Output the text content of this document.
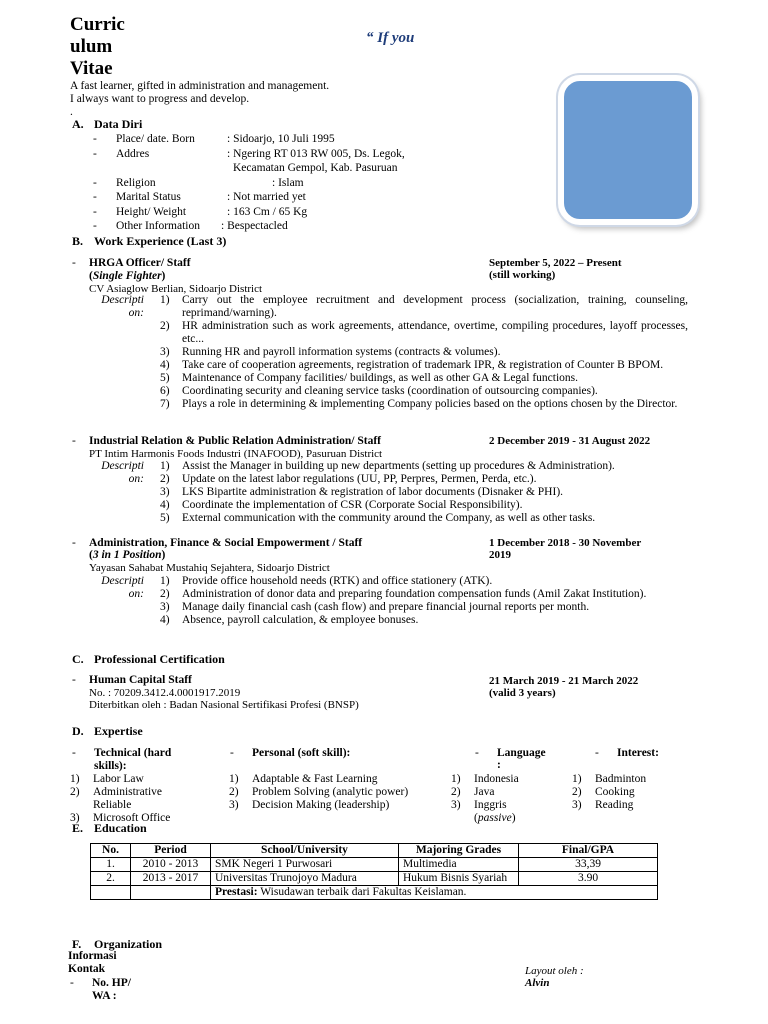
Curric
ulum
Vitae
“ If you
A fast learner, gifted in administration and management.
I always want to progress and develop.
.
A. Data Diri
- Place/ date. Born	: Sidoarjo, 10 Juli 1995
- Addres	: Ngering RT 013 RW 005, Ds. Legok,
Kecamatan Gempol, Kab. Pasuruan
- Religion	: Islam
- Marital Status	: Not married yet
- Height/ Weight	: 163 Cm / 65 Kg
- Other Information : Bespectacled
B. Work Experience (Last 3)
- HRGA Officer/ Staff
(Single Fighter)
CV Asiaglow Berlian, Sidoarjo District
September 5, 2022 – Present
(still working)
Descripti
on:
1) Carry out the employee recruitment and development process (socialization, training, counseling, reprimand/warning).
2) HR administration such as work agreements, attendance, overtime, compiling procedures, layoff processes, etc...
3) Running HR and payroll information systems (contracts & volumes).
4) Take care of cooperation agreements, registration of trademark IPR, & registration of Counter B BPOM.
5) Maintenance of Company facilities/ buildings, as well as other GA & Legal functions.
6) Coordinating security and cleaning service tasks (coordination of outsourcing companies).
7) Plays a role in determining & implementing Company policies based on the options chosen by the Director.
- Industrial Relation & Public Relation Administration/ Staff
PT Intim Harmonis Foods Industri (INAFOOD), Pasuruan District
2 December 2019 - 31 August 2022
Descripti
on:
1) Assist the Manager in building up new departments (setting up procedures & Administration).
2) Update on the latest labor regulations (UU, PP, Perpres, Permen, Perda, etc.).
3) LKS Bipartite administration & registration of labor documents (Disnaker & PHI).
4) Coordinate the implementation of CSR (Corporate Social Responsibility).
5) External communication with the community around the Company, as well as other tasks.
- Administration, Finance & Social Empowerment / Staff
(3 in 1 Position)
Yayasan Sahabat Mustahiq Sejahtera, Sidoarjo District
1 December 2018 - 30 November
2019
Descripti
on:
1) Provide office household needs (RTK) and office stationery (ATK).
2) Administration of donor data and preparing foundation compensation funds (Amil Zakat Institution).
3) Manage daily financial cash (cash flow) and prepare financial journal reports per month.
4) Absence, payroll calculation, & employee bonuses.
C. Professional Certification
- Human Capital Staff
No. : 70209.3412.4.0001917.2019
Diterbitkan oleh : Badan Nasional Sertifikasi Profesi (BNSP)
21 March 2019 - 21 March 2022
(valid 3 years)
D. Expertise
- Technical (hard
skills):
1) Labor Law
2) Administrative Reliable
3) Microsoft Office
- Personal (soft skill):
1) Adaptable & Fast Learning
2) Problem Solving (analytic power)
3) Decision Making (leadership)
- Language
:
1) Indonesia
2) Java
3) Inggris
(passive)
- Interest:
1) Badminton
2) Cooking
3) Reading
E. Education
No.	Period	School/University	Majoring Grades	Final/GPA
1.	2010 - 2013	SMK Negeri 1 Purwosari	Multimedia	33,39
2.	2013 - 2017	Universitas Trunojoyo Madura	Hukum Bisnis Syariah	3.90
		Prestasi: Wisudawan terbaik dari Fakultas Keislaman.		
F. Organization
Informasi
Kontak
- No. HP/
WA :
Layout oleh :
Alvin
